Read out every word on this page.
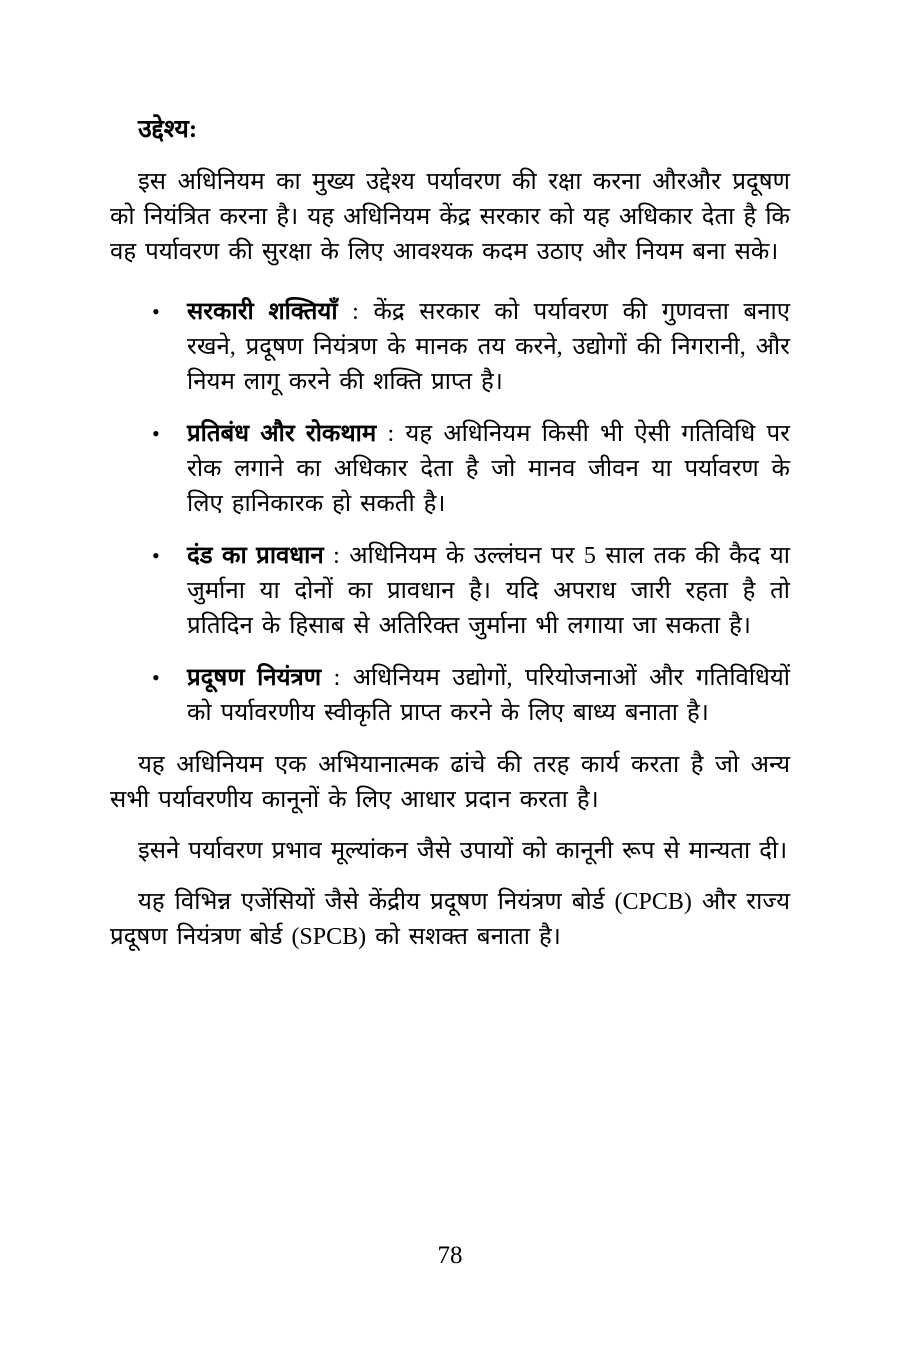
उद्देश्य:

इस अधिनियम का मुख्य उद्देश्य पर्यावरण की रक्षा करना औरऔर प्रदूषण को नियंत्रित करना है। यह अधिनियम केंद्र सरकार को यह अधिकार देता है कि वह पर्यावरण की सुरक्षा के लिए आवश्यक कदम उठाए और नियम बना सके।

• सरकारी शक्तियाँ : केंद्र सरकार को पर्यावरण की गुणवत्ता बनाए रखने, प्रदूषण नियंत्रण के मानक तय करने, उद्योगों की निगरानी, और नियम लागू करने की शक्ति प्राप्त है।
• प्रतिबंध और रोकथाम : यह अधिनियम किसी भी ऐसी गतिविधि पर रोक लगाने का अधिकार देता है जो मानव जीवन या पर्यावरण के लिए हानिकारक हो सकती है।
• दंड का प्रावधान : अधिनियम के उल्लंघन पर 5 साल तक की कैद या जुर्माना या दोनों का प्रावधान है। यदि अपराध जारी रहता है तो प्रतिदिन के हिसाब से अतिरिक्त जुर्माना भी लगाया जा सकता है।
• प्रदूषण नियंत्रण : अधिनियम उद्योगों, परियोजनाओं और गतिविधियों को पर्यावरणीय स्वीकृति प्राप्त करने के लिए बाध्य बनाता है।

यह अधिनियम एक अभियानात्मक ढांचे की तरह कार्य करता है जो अन्य सभी पर्यावरणीय कानूनों के लिए आधार प्रदान करता है।

इसने पर्यावरण प्रभाव मूल्यांकन जैसे उपायों को कानूनी रूप से मान्यता दी।

यह विभिन्न एजेंसियों जैसे केंद्रीय प्रदूषण नियंत्रण बोर्ड (CPCB) और राज्य प्रदूषण नियंत्रण बोर्ड (SPCB) को सशक्त बनाता है।

78
